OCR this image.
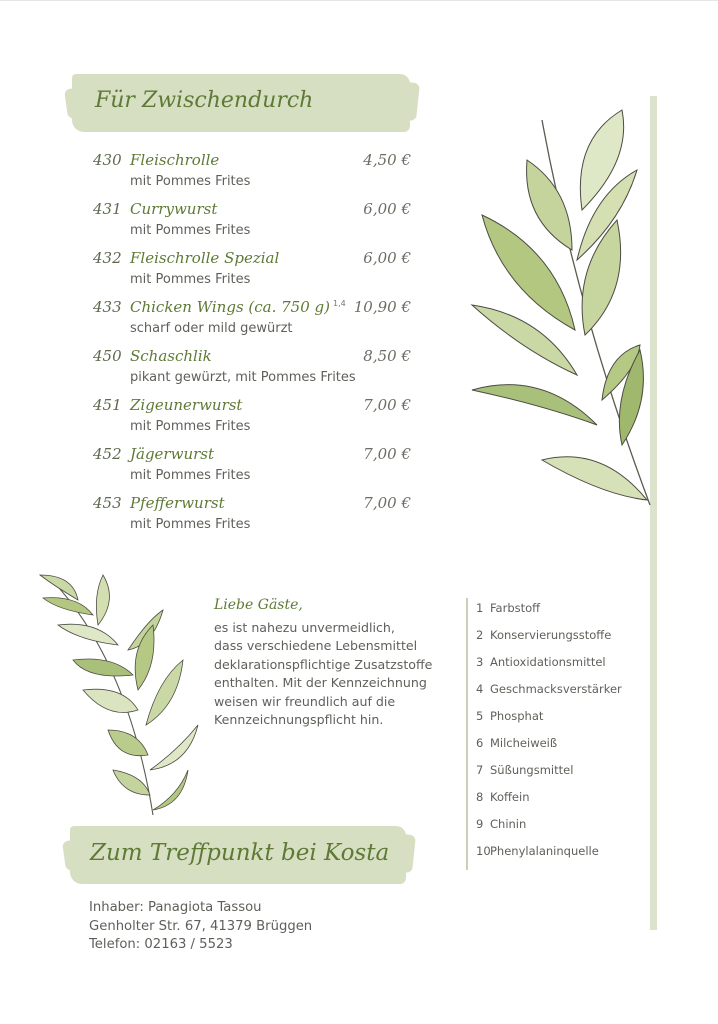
Für Zwischendurch
430 Fleischrolle	4,50 €
mit Pommes Frites
431 Currywurst	6,00 €
mit Pommes Frites
432 Fleischrolle Spezial	6,00 €
mit Pommes Frites
433 Chicken Wings (ca. 750 g) $^{1,4}$ 10,90 €
scharf oder mild gewürzt
450 Schaschlik	8,50 €
pikant gewürzt, mit Pommes Frites
451 Zigeunerwurst	7,00 €
mit Pommes Frites
452 Jägerwurst	7,00 €
mit Pommes Frites
453 Pfefferwurst	7,00 €
mit Pommes Frites
Liebe Gäste,
es ist nahezu unvermeidlich,
dass verschiedene Lebensmittel
deklarationspflichtige Zusatzstoffe
enthalten. Mit der Kennzeichnung
weisen wir freundlich auf die
Kennzeichnungspflicht hin.
1 Farbstoff
2 Konservierungsstoffe
3 Antioxidationsmittel
4 Geschmacksverstärker
5 Phosphat
6 Milcheiweiß
7 Süßungsmittel
8 Koffein
9 Chinin
10Phenylalaninquelle
Zum Treffpunkt bei Kosta
Inhaber: Panagiota Tassou
Genholter Str. 67, 41379 Brüggen
Telefon: 02163 / 5523
